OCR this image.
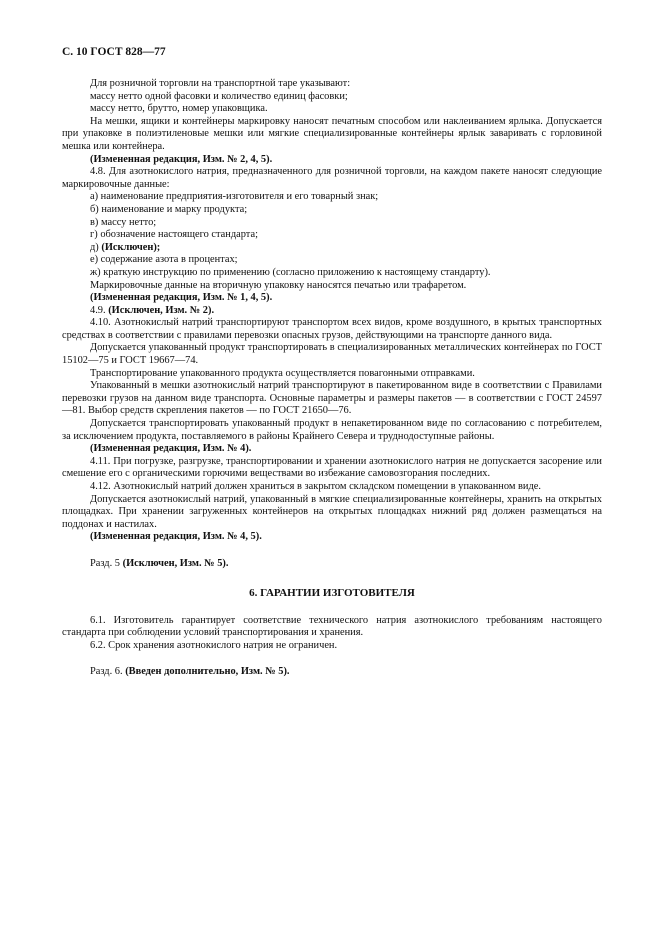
С. 10 ГОСТ 828—77

Для розничной торговли на транспортной таре указывают:

массу нетто одной фасовки и количество единиц фасовки;

массу нетто, брутто, номер упаковщика.

На мешки, ящики и контейнеры маркировку наносят печатным способом или наклеиванием ярлыка. Допускается при упаковке в полиэтиленовые мешки или мягкие специализированные контейнеры ярлык заваривать с горловиной мешка или контейнера.

(Измененная редакция, Изм. № 2, 4, 5).

4.8. Для азотнокислого натрия, предназначенного для розничной торговли, на каждом пакете наносят следующие маркировочные данные:

а) наименование предприятия-изготовителя и его товарный знак;

б) наименование и марку продукта;

в) массу нетто;

г) обозначение настоящего стандарта;

д) (Исключен);

е) содержание азота в процентах;

ж) краткую инструкцию по применению (согласно приложению к настоящему стандарту).

Маркировочные данные на вторичную упаковку наносятся печатью или трафаретом.

(Измененная редакция, Изм. № 1, 4, 5).

4.9. (Исключен, Изм. № 2).

4.10. Азотнокислый натрий транспортируют транспортом всех видов, кроме воздушного, в крытых транспортных средствах в соответствии с правилами перевозки опасных грузов, действующими на транспорте данного вида.

Допускается упакованный продукт транспортировать в специализированных металлических контейнерах по ГОСТ 15102—75 и ГОСТ 19667—74.

Транспортирование упакованного продукта осуществляется повагонными отправками.

Упакованный в мешки азотнокислый натрий транспортируют в пакетированном виде в соответствии с Правилами перевозки грузов на данном виде транспорта. Основные параметры и размеры пакетов — в соответствии с ГОСТ 24597—81. Выбор средств скрепления пакетов — по ГОСТ 21650—76.

Допускается транспортировать упакованный продукт в непакетированном виде по согласованию с потребителем, за исключением продукта, поставляемого в районы Крайнего Севера и труднодоступные районы.

(Измененная редакция, Изм. № 4).

4.11. При погрузке, разгрузке, транспортировании и хранении азотнокислого натрия не допускается засорение или смешение его с органическими горючими веществами во избежание самовозгорания последних.

4.12. Азотнокислый натрий должен храниться в закрытом складском помещении в упакованном виде.

Допускается азотнокислый натрий, упакованный в мягкие специализированные контейнеры, хранить на открытых площадках. При хранении загруженных контейнеров на открытых площадках нижний ряд должен размещаться на поддонах и настилах.

(Измененная редакция, Изм. № 4, 5).

Разд. 5 (Исключен, Изм. № 5).

6. ГАРАНТИИ ИЗГОТОВИТЕЛЯ

6.1. Изготовитель гарантирует соответствие технического натрия азотнокислого требованиям настоящего стандарта при соблюдении условий транспортирования и хранения.

6.2. Срок хранения азотнокислого натрия не ограничен.

Разд. 6. (Введен дополнительно, Изм. № 5).
